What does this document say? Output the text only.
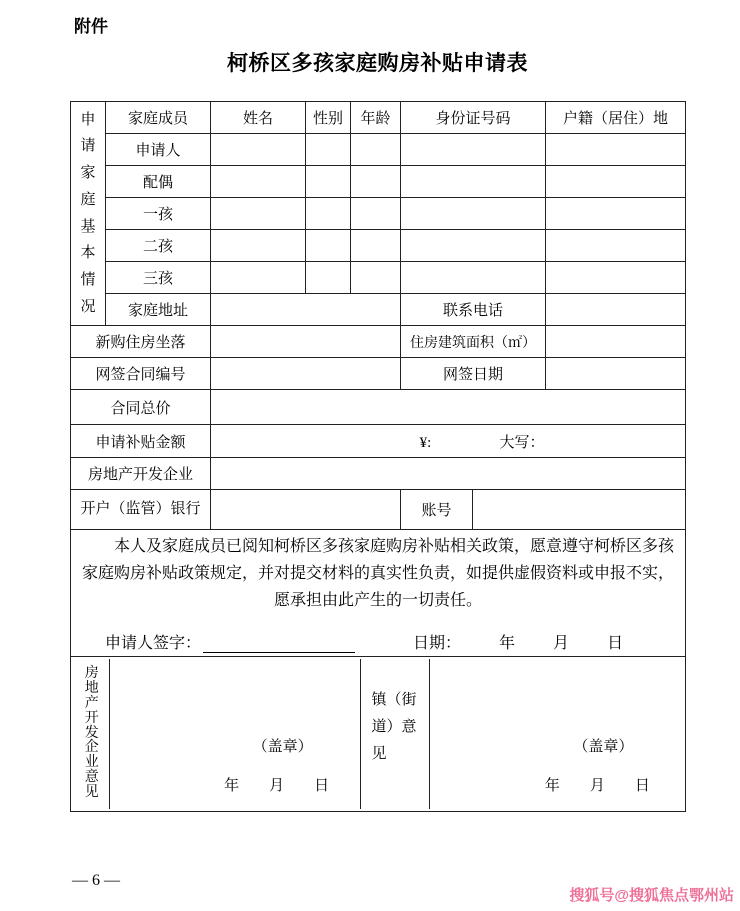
附件
柯桥区多孩家庭购房补贴申请表
申请家庭基本情况	家庭成员	姓名	性别	年龄	身份证号码		户籍（居住）地
	申请人						
	配偶						
	一孩						
	二孩						
	三孩						
	家庭地址				联系电话		
新购住房坐落					住房建筑面积（㎡）		
网签合同编号					网签日期		
合同总价							
申请补贴金额		¥: 大写：					
房地产开发企业							
开户（监管）银行					账号		

本人及家庭成员已阅知柯桥区多孩家庭购房补贴相关政策，愿意遵守柯桥区多孩家庭购房补贴政策规定，并对提交材料的真实性负责，如提供虚假资料或申报不实，愿承担由此产生的一切责任。

申请人签字：	日期： 年 月 日

房地产开发企业意见
（盖章）
年 月 日
镇（街道）意见	（盖章）
年 月 日
— 6 —
搜狐号@搜狐焦点鄂州站
